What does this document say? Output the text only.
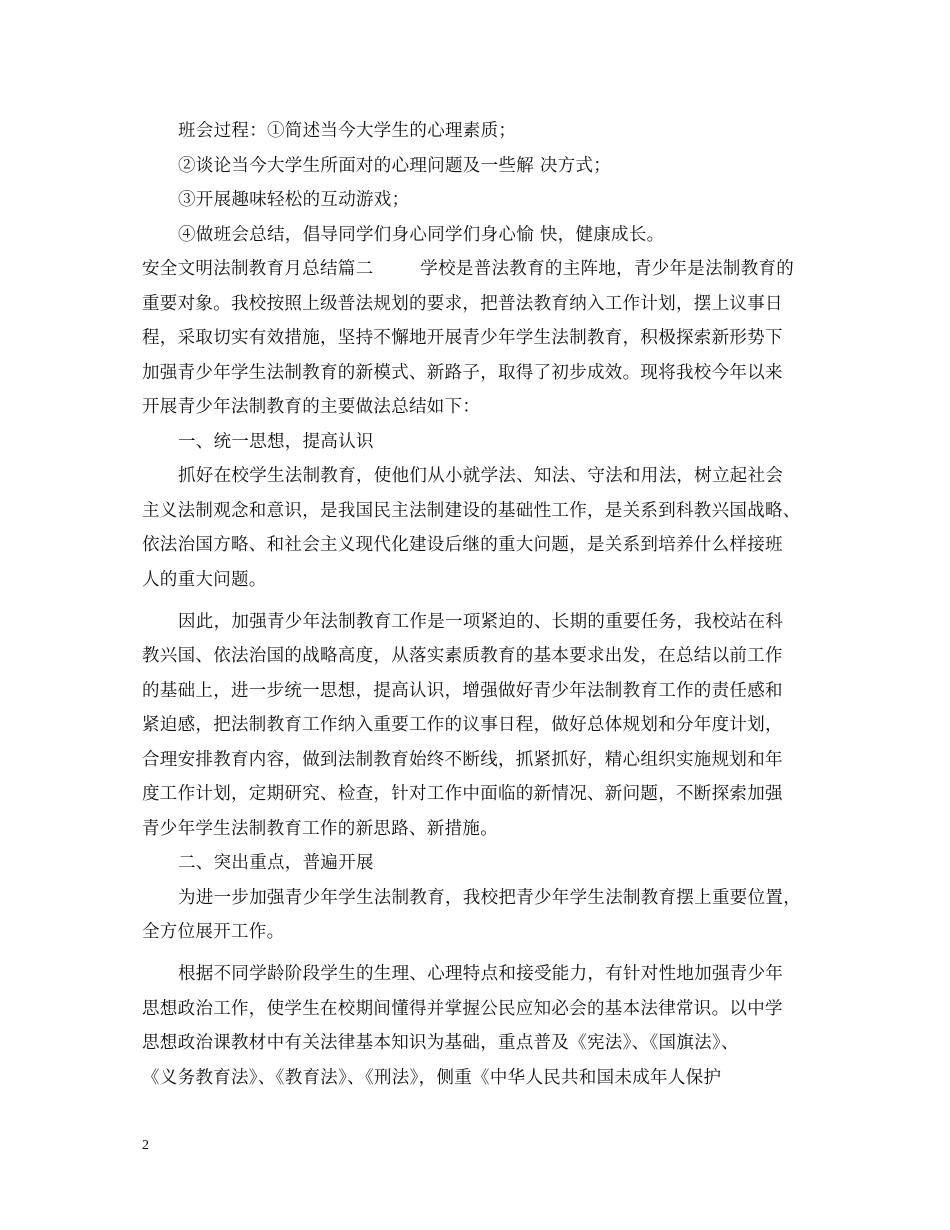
班会过程：①简述当今大学生的心理素质；
②谈论当今大学生所面对的心理问题及一些解 决方式；
③开展趣味轻松的互动游戏；
④做班会总结，倡导同学们身心同学们身心愉 快，健康成长。
安全文明法制教育月总结篇二        学校是普法教育的主阵地，青少年是法制教育的
重要对象。我校按照上级普法规划的要求，把普法教育纳入工作计划，摆上议事日
程，采取切实有效措施，坚持不懈地开展青少年学生法制教育，积极探索新形势下
加强青少年学生法制教育的新模式、新路子，取得了初步成效。现将我校今年以来
开展青少年法制教育的主要做法总结如下：
一、统一思想，提高认识
抓好在校学生法制教育，使他们从小就学法、知法、守法和用法，树立起社会
主义法制观念和意识，是我国民主法制建设的基础性工作，是关系到科教兴国战略、
依法治国方略、和社会主义现代化建设后继的重大问题，是关系到培养什么样接班
人的重大问题。
因此，加强青少年法制教育工作是一项紧迫的、长期的重要任务，我校站在科
教兴国、依法治国的战略高度，从落实素质教育的基本要求出发，在总结以前工作
的基础上，进一步统一思想，提高认识，增强做好青少年法制教育工作的责任感和
紧迫感，把法制教育工作纳入重要工作的议事日程，做好总体规划和分年度计划，
合理安排教育内容，做到法制教育始终不断线，抓紧抓好，精心组织实施规划和年
度工作计划，定期研究、检查，针对工作中面临的新情况、新问题，不断探索加强
青少年学生法制教育工作的新思路、新措施。
二、突出重点，普遍开展
为进一步加强青少年学生法制教育，我校把青少年学生法制教育摆上重要位置，
全方位展开工作。
根据不同学龄阶段学生的生理、心理特点和接受能力，有针对性地加强青少年
思想政治工作，使学生在校期间懂得并掌握公民应知必会的基本法律常识。以中学
思想政治课教材中有关法律基本知识为基础，重点普及《宪法》、《国旗法》、
《义务教育法》、《教育法》、《刑法》，侧重《中华人民共和国未成年人保护
2
